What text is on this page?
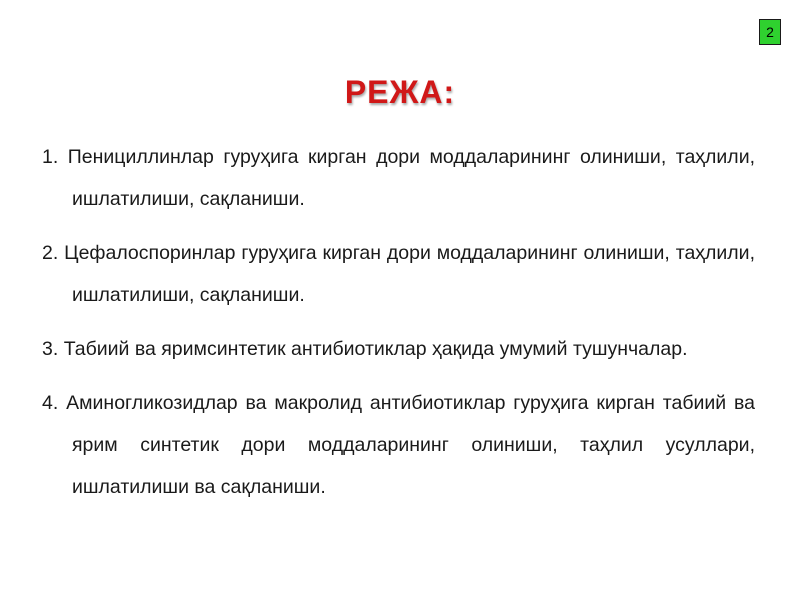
2
РЕЖА:
1. Пенициллинлар гуруҳига кирган дори моддаларининг олиниши, таҳлили, ишлатилиши, сақланиши.
2. Цефалоспоринлар гуруҳига кирган дори моддаларининг олиниши, таҳлили, ишлатилиши, сақланиши.
3. Табиий ва яримсинтетик антибиотиклар ҳақида умумий тушунчалар.
4. Аминогликозидлар ва макролид антибиотиклар гуруҳига кирган табиий ва ярим синтетик дори моддаларининг олиниши, таҳлил усуллари, ишлатилиши ва сақланиши.
